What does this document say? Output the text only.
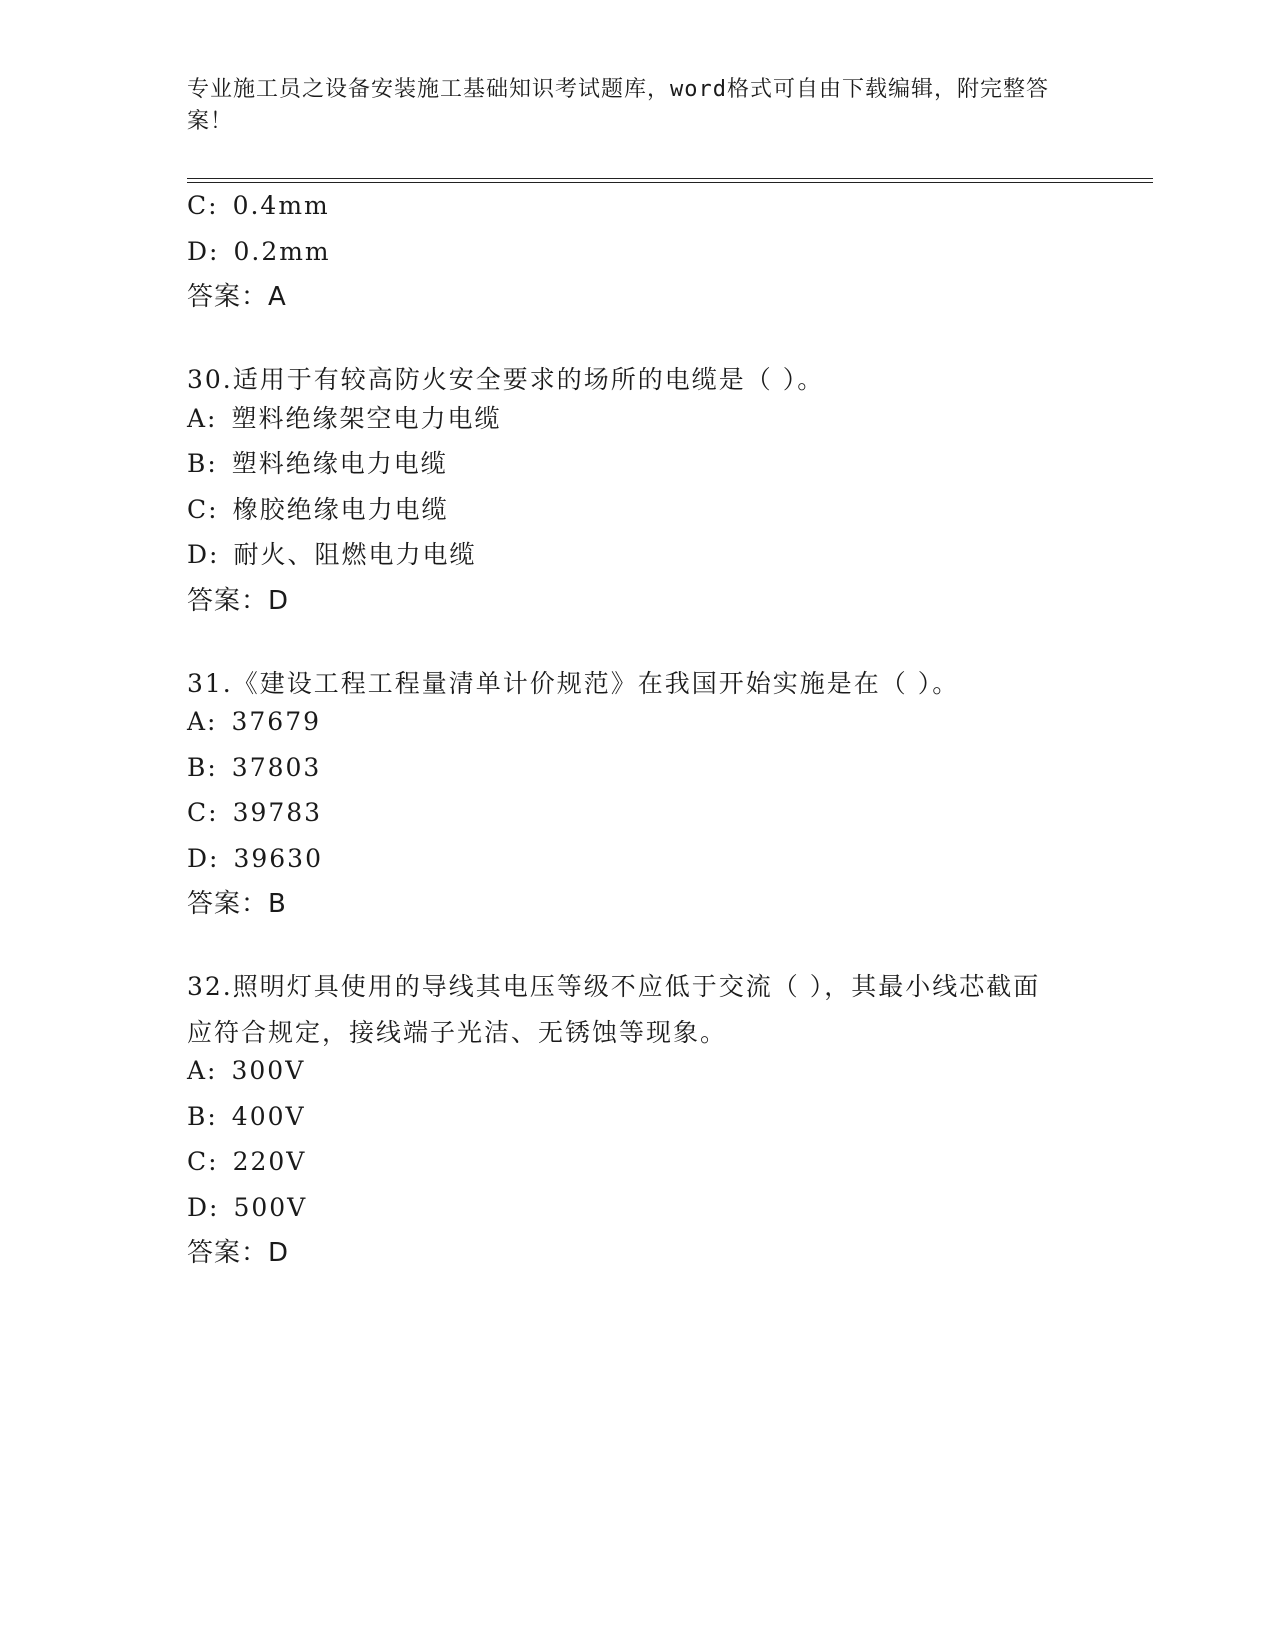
专业施工员之设备安装施工基础知识考试题库，word格式可自由下载编辑，附完整答案！
C: 0.4mm
D: 0.2mm
答案：A
30.适用于有较高防火安全要求的场所的电缆是（ ）。
A: 塑料绝缘架空电力电缆
B: 塑料绝缘电力电缆
C: 橡胶绝缘电力电缆
D: 耐火、阻燃电力电缆
答案：D
31.《建设工程工程量清单计价规范》在我国开始实施是在（ ）。
A: 37679
B: 37803
C: 39783
D: 39630
答案：B
32.照明灯具使用的导线其电压等级不应低于交流（ ），其最小线芯截面应符合规定，接线端子光洁、无锈蚀等现象。
A: 300V
B: 400V
C: 220V
D: 500V
答案：D
